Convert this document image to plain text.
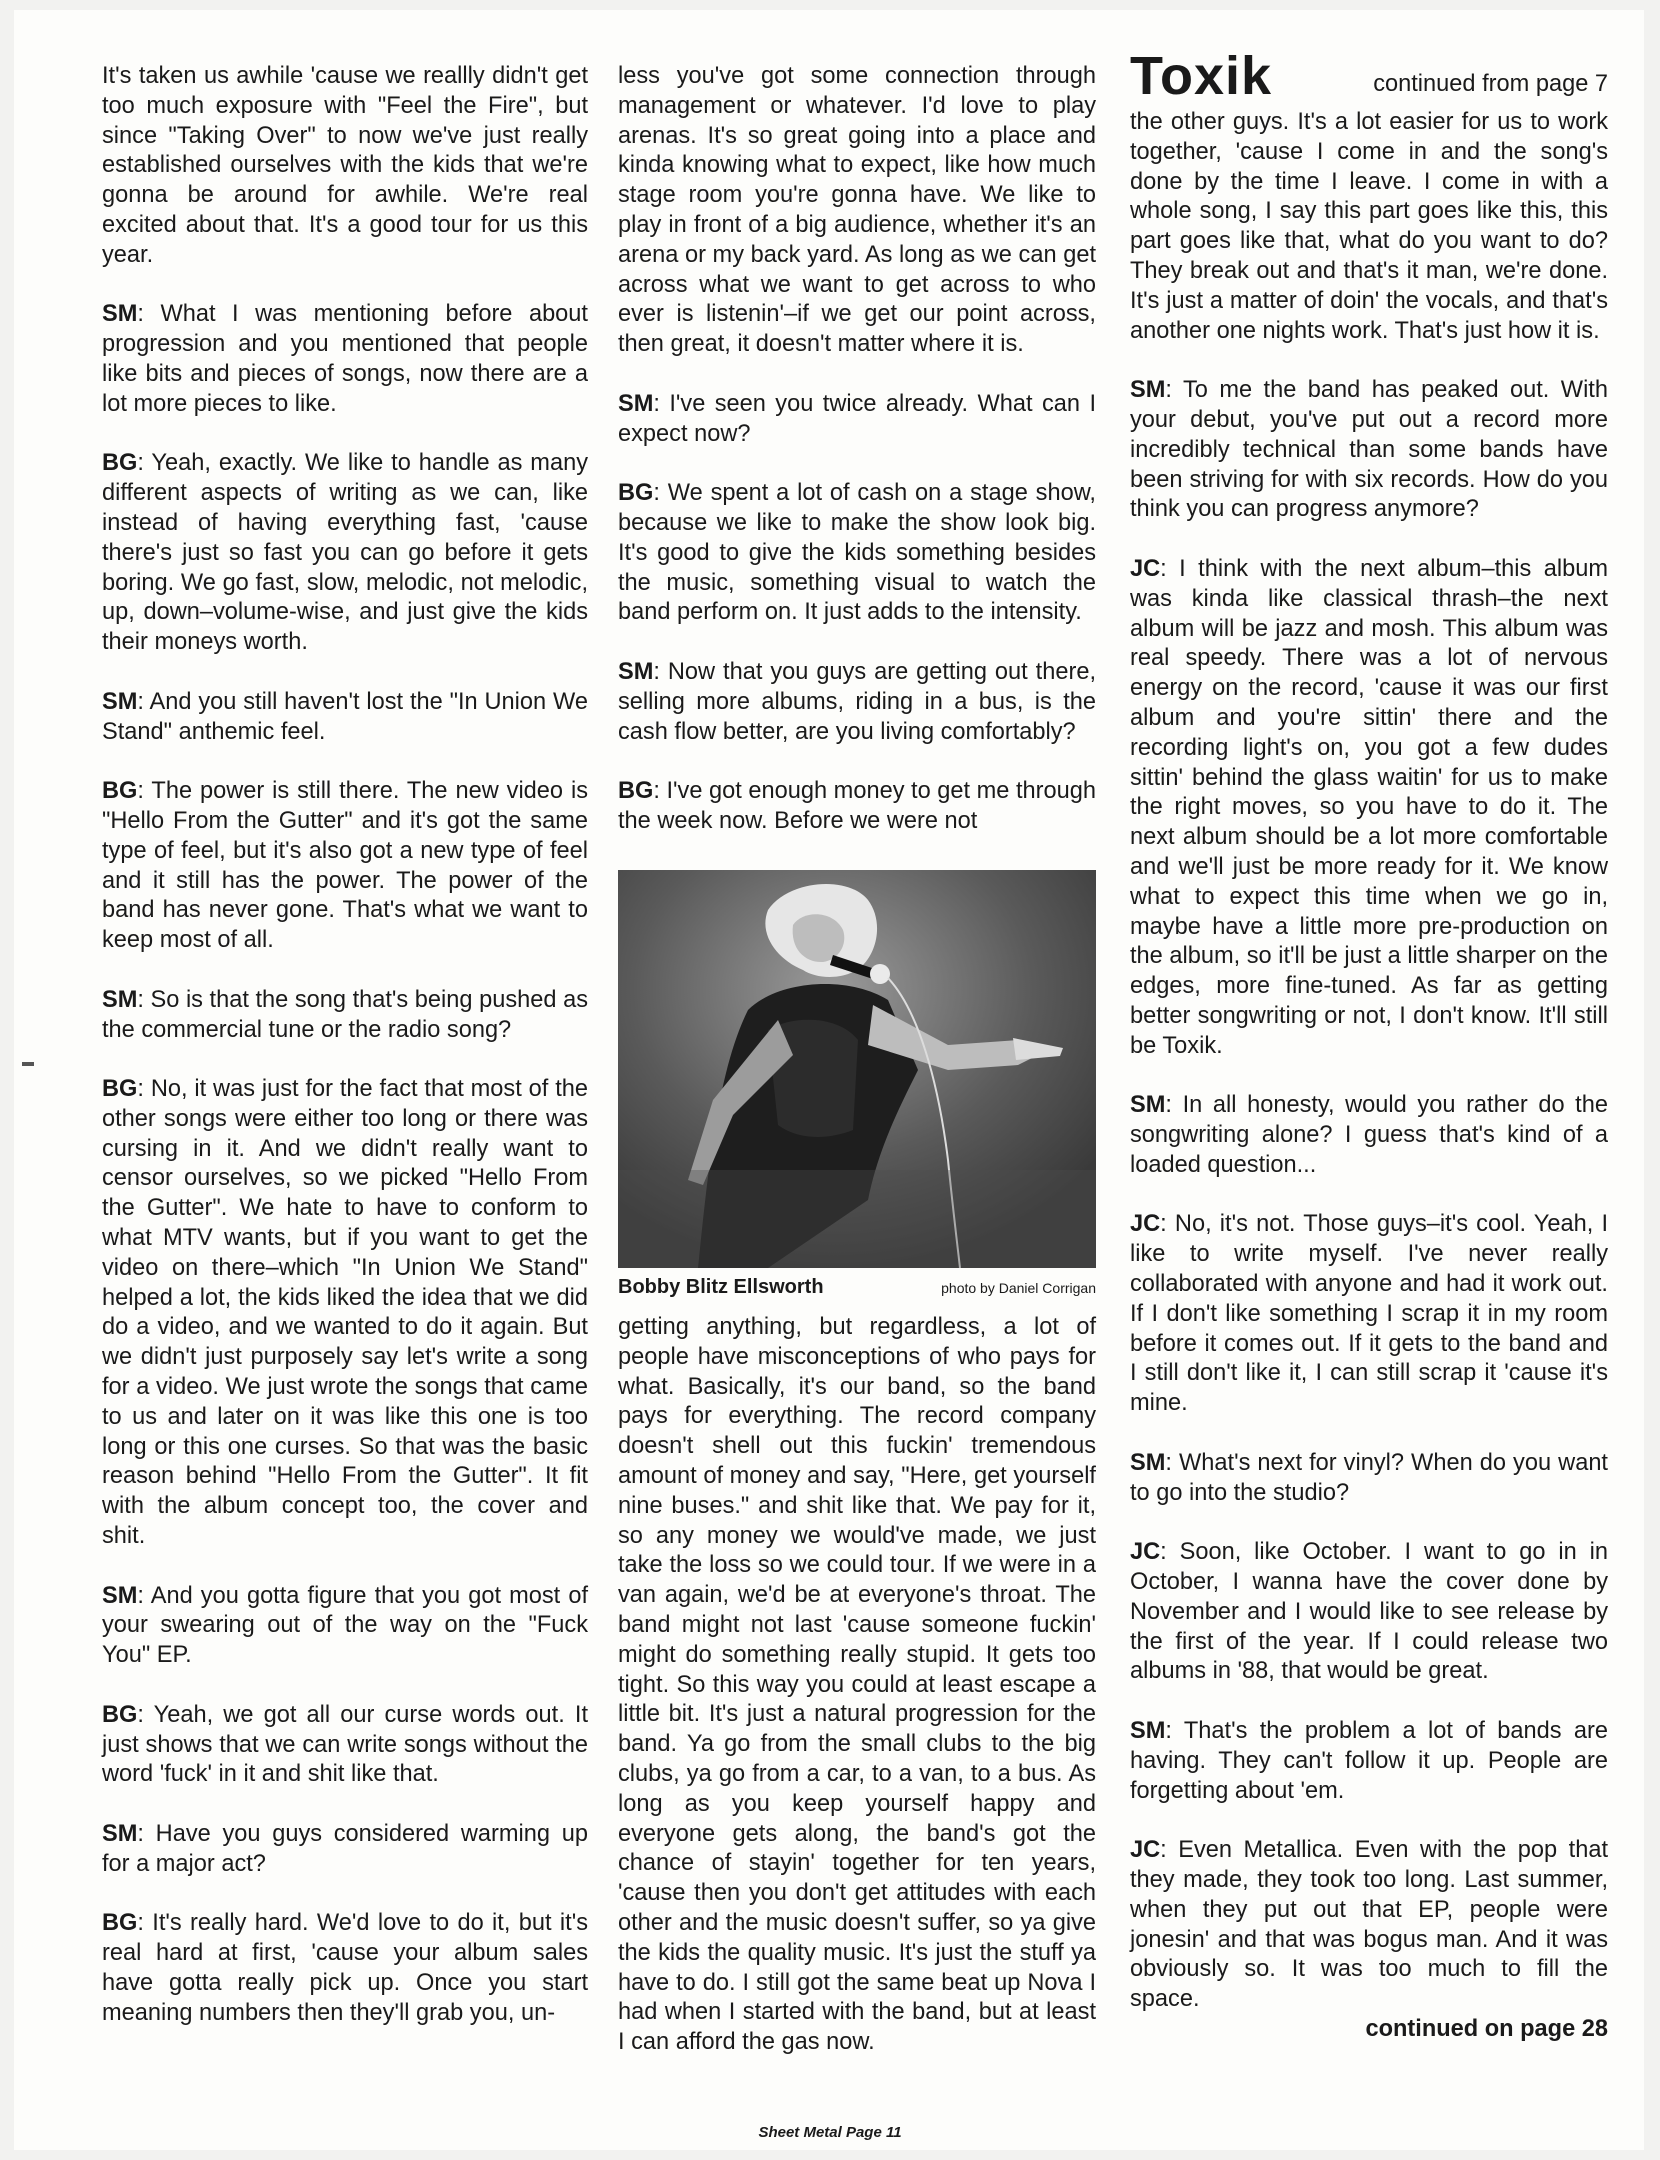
It's taken us awhile 'cause we reallly didn't get too much exposure with "Feel the Fire", but since "Taking Over" to now we've just really established ourselves with the kids that we're gonna be around for awhile. We're real excited about that. It's a good tour for us this year.

SM: What I was mentioning before about progression and you mentioned that people like bits and pieces of songs, now there are a lot more pieces to like.

BG: Yeah, exactly. We like to handle as many different aspects of writing as we can, like instead of having everything fast, 'cause there's just so fast you can go before it gets boring. We go fast, slow, melodic, not melodic, up, down–volume-wise, and just give the kids their moneys worth.

SM: And you still haven't lost the "In Union We Stand" anthemic feel.

BG: The power is still there. The new video is "Hello From the Gutter" and it's got the same type of feel, but it's also got a new type of feel and it still has the power. The power of the band has never gone. That's what we want to keep most of all.

SM: So is that the song that's being pushed as the commercial tune or the radio song?

BG: No, it was just for the fact that most of the other songs were either too long or there was cursing in it. And we didn't really want to censor ourselves, so we picked "Hello From the Gutter". We hate to have to conform to what MTV wants, but if you want to get the video on there–which "In Union We Stand" helped a lot, the kids liked the idea that we did do a video, and we wanted to do it again. But we didn't just purposely say let's write a song for a video. We just wrote the songs that came to us and later on it was like this one is too long or this one curses. So that was the basic reason behind "Hello From the Gutter". It fit with the album concept too, the cover and shit.

SM: And you gotta figure that you got most of your swearing out of the way on the "Fuck You" EP.

BG: Yeah, we got all our curse words out. It just shows that we can write songs without the word 'fuck' in it and shit like that.

SM: Have you guys considered warming up for a major act?

BG: It's really hard. We'd love to do it, but it's real hard at first, 'cause your album sales have gotta really pick up. Once you start meaning numbers then they'll grab you, un-

less you've got some connection through management or whatever. I'd love to play arenas. It's so great going into a place and kinda knowing what to expect, like how much stage room you're gonna have. We like to play in front of a big audience, whether it's an arena or my back yard. As long as we can get across what we want to get across to who ever is listenin'–if we get our point across, then great, it doesn't matter where it is.

SM: I've seen you twice already. What can I expect now?

BG: We spent a lot of cash on a stage show, because we like to make the show look big. It's good to give the kids something besides the music, something visual to watch the band perform on. It just adds to the intensity.

SM: Now that you guys are getting out there, selling more albums, riding in a bus, is the cash flow better, are you living comfortably?

BG: I've got enough money to get me through the week now. Before we were not

Bobby Blitz Ellsworth	photo by Daniel Corrigan

getting anything, but regardless, a lot of people have misconceptions of who pays for what. Basically, it's our band, so the band pays for everything. The record company doesn't shell out this fuckin' tremendous amount of money and say, "Here, get yourself nine buses." and shit like that. We pay for it, so any money we would've made, we just take the loss so we could tour. If we were in a van again, we'd be at everyone's throat. The band might not last 'cause someone fuckin' might do something really stupid. It gets too tight. So this way you could at least escape a little bit. It's just a natural progression for the band. Ya go from the small clubs to the big clubs, ya go from a car, to a van, to a bus. As long as you keep yourself happy and everyone gets along, the band's got the chance of stayin' together for ten years, 'cause then you don't get attitudes with each other and the music doesn't suffer, so ya give the kids the quality music. It's just the stuff ya have to do. I still got the same beat up Nova I had when I started with the band, but at least I can afford the gas now.

Toxik	continued from page 7

the other guys. It's a lot easier for us to work together, 'cause I come in and the song's done by the time I leave. I come in with a whole song, I say this part goes like this, this part goes like that, what do you want to do? They break out and that's it man, we're done. It's just a matter of doin' the vocals, and that's another one nights work. That's just how it is.

SM: To me the band has peaked out. With your debut, you've put out a record more incredibly technical than some bands have been striving for with six records. How do you think you can progress anymore?

JC: I think with the next album–this album was kinda like classical thrash–the next album will be jazz and mosh. This album was real speedy. There was a lot of nervous energy on the record, 'cause it was our first album and you're sittin' there and the recording light's on, you got a few dudes sittin' behind the glass waitin' for us to make the right moves, so you have to do it. The next album should be a lot more comfortable and we'll just be more ready for it. We know what to expect this time when we go in, maybe have a little more pre-production on the album, so it'll be just a little sharper on the edges, more fine-tuned. As far as getting better songwriting or not, I don't know. It'll still be Toxik.

SM: In all honesty, would you rather do the songwriting alone? I guess that's kind of a loaded question...

JC: No, it's not. Those guys–it's cool. Yeah, I like to write myself. I've never really collaborated with anyone and had it work out. If I don't like something I scrap it in my room before it comes out. If it gets to the band and I still don't like it, I can still scrap it 'cause it's mine.

SM: What's next for vinyl? When do you want to go into the studio?

JC: Soon, like October. I want to go in in October, I wanna have the cover done by November and I would like to see release by the first of the year. If I could release two albums in '88, that would be great.

SM: That's the problem a lot of bands are having. They can't follow it up. People are forgetting about 'em.

JC: Even Metallica. Even with the pop that they made, they took too long. Last summer, when they put out that EP, people were jonesin' and that was bogus man. And it was obviously so. It was too much to fill the space.

continued on page 28

Sheet Metal Page 11
